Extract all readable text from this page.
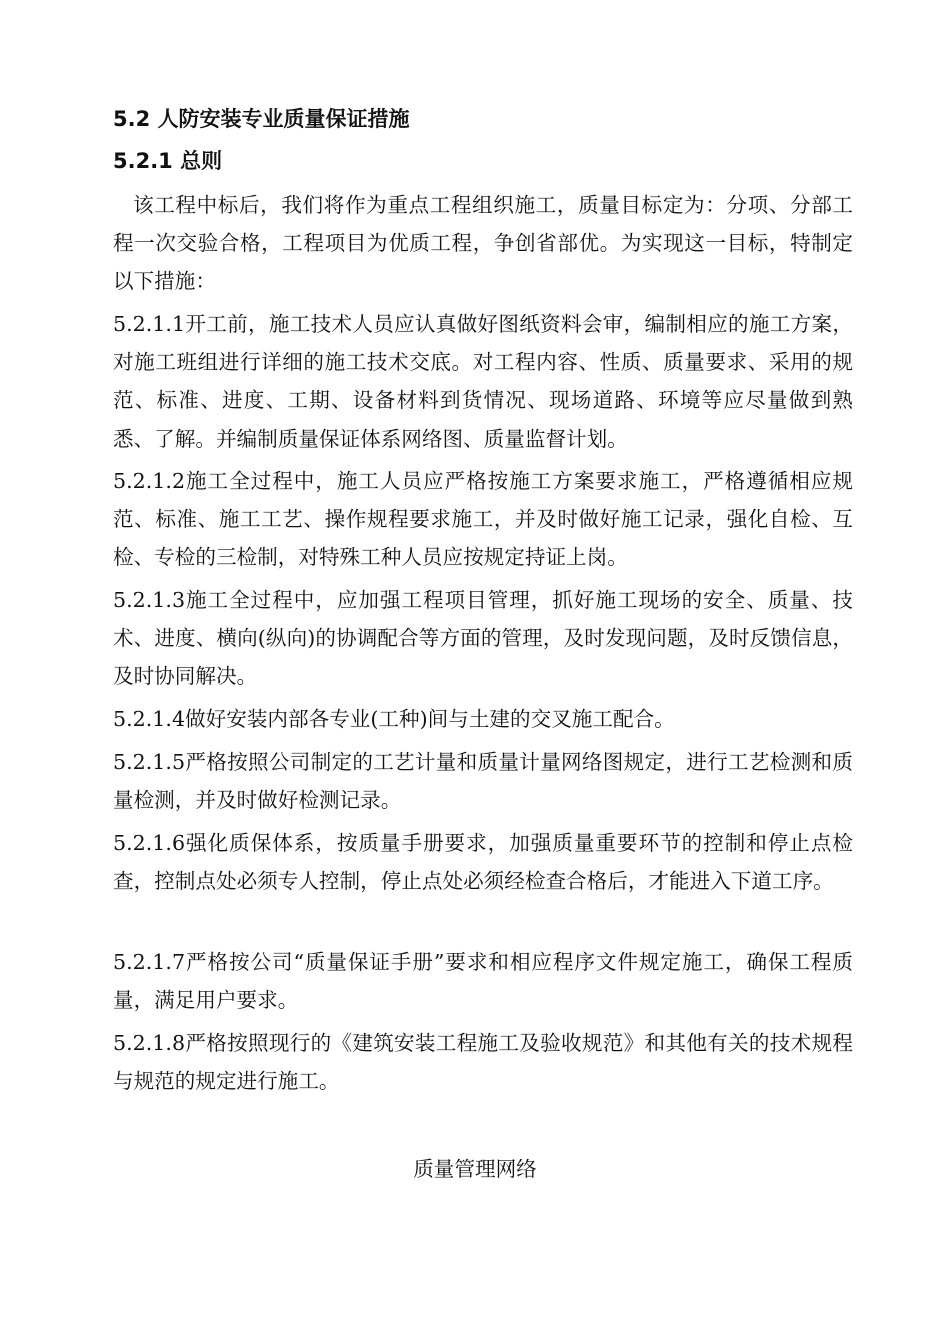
5.2 人防安装专业质量保证措施
5.2.1 总则
该工程中标后，我们将作为重点工程组织施工，质量目标定为：分项、分部工程一次交验合格，工程项目为优质工程，争创省部优。为实现这一目标，特制定以下措施：
5.2.1.1开工前，施工技术人员应认真做好图纸资料会审，编制相应的施工方案，对施工班组进行详细的施工技术交底。对工程内容、性质、质量要求、采用的规范、标准、进度、工期、设备材料到货情况、现场道路、环境等应尽量做到熟悉、了解。并编制质量保证体系网络图、质量监督计划。
5.2.1.2施工全过程中，施工人员应严格按施工方案要求施工，严格遵循相应规范、标准、施工工艺、操作规程要求施工，并及时做好施工记录，强化自检、互检、专检的三检制，对特殊工种人员应按规定持证上岗。
5.2.1.3施工全过程中，应加强工程项目管理，抓好施工现场的安全、质量、技术、进度、横向(纵向)的协调配合等方面的管理，及时发现问题，及时反馈信息，及时协同解决。
5.2.1.4做好安装内部各专业(工种)间与土建的交叉施工配合。
5.2.1.5严格按照公司制定的工艺计量和质量计量网络图规定，进行工艺检测和质量检测，并及时做好检测记录。
5.2.1.6强化质保体系，按质量手册要求，加强质量重要环节的控制和停止点检查，控制点处必须专人控制，停止点处必须经检查合格后，才能进入下道工序。
5.2.1.7严格按公司“质量保证手册”要求和相应程序文件规定施工，确保工程质量，满足用户要求。
5.2.1.8严格按照现行的《建筑安装工程施工及验收规范》和其他有关的技术规程与规范的规定进行施工。
质量管理网络
